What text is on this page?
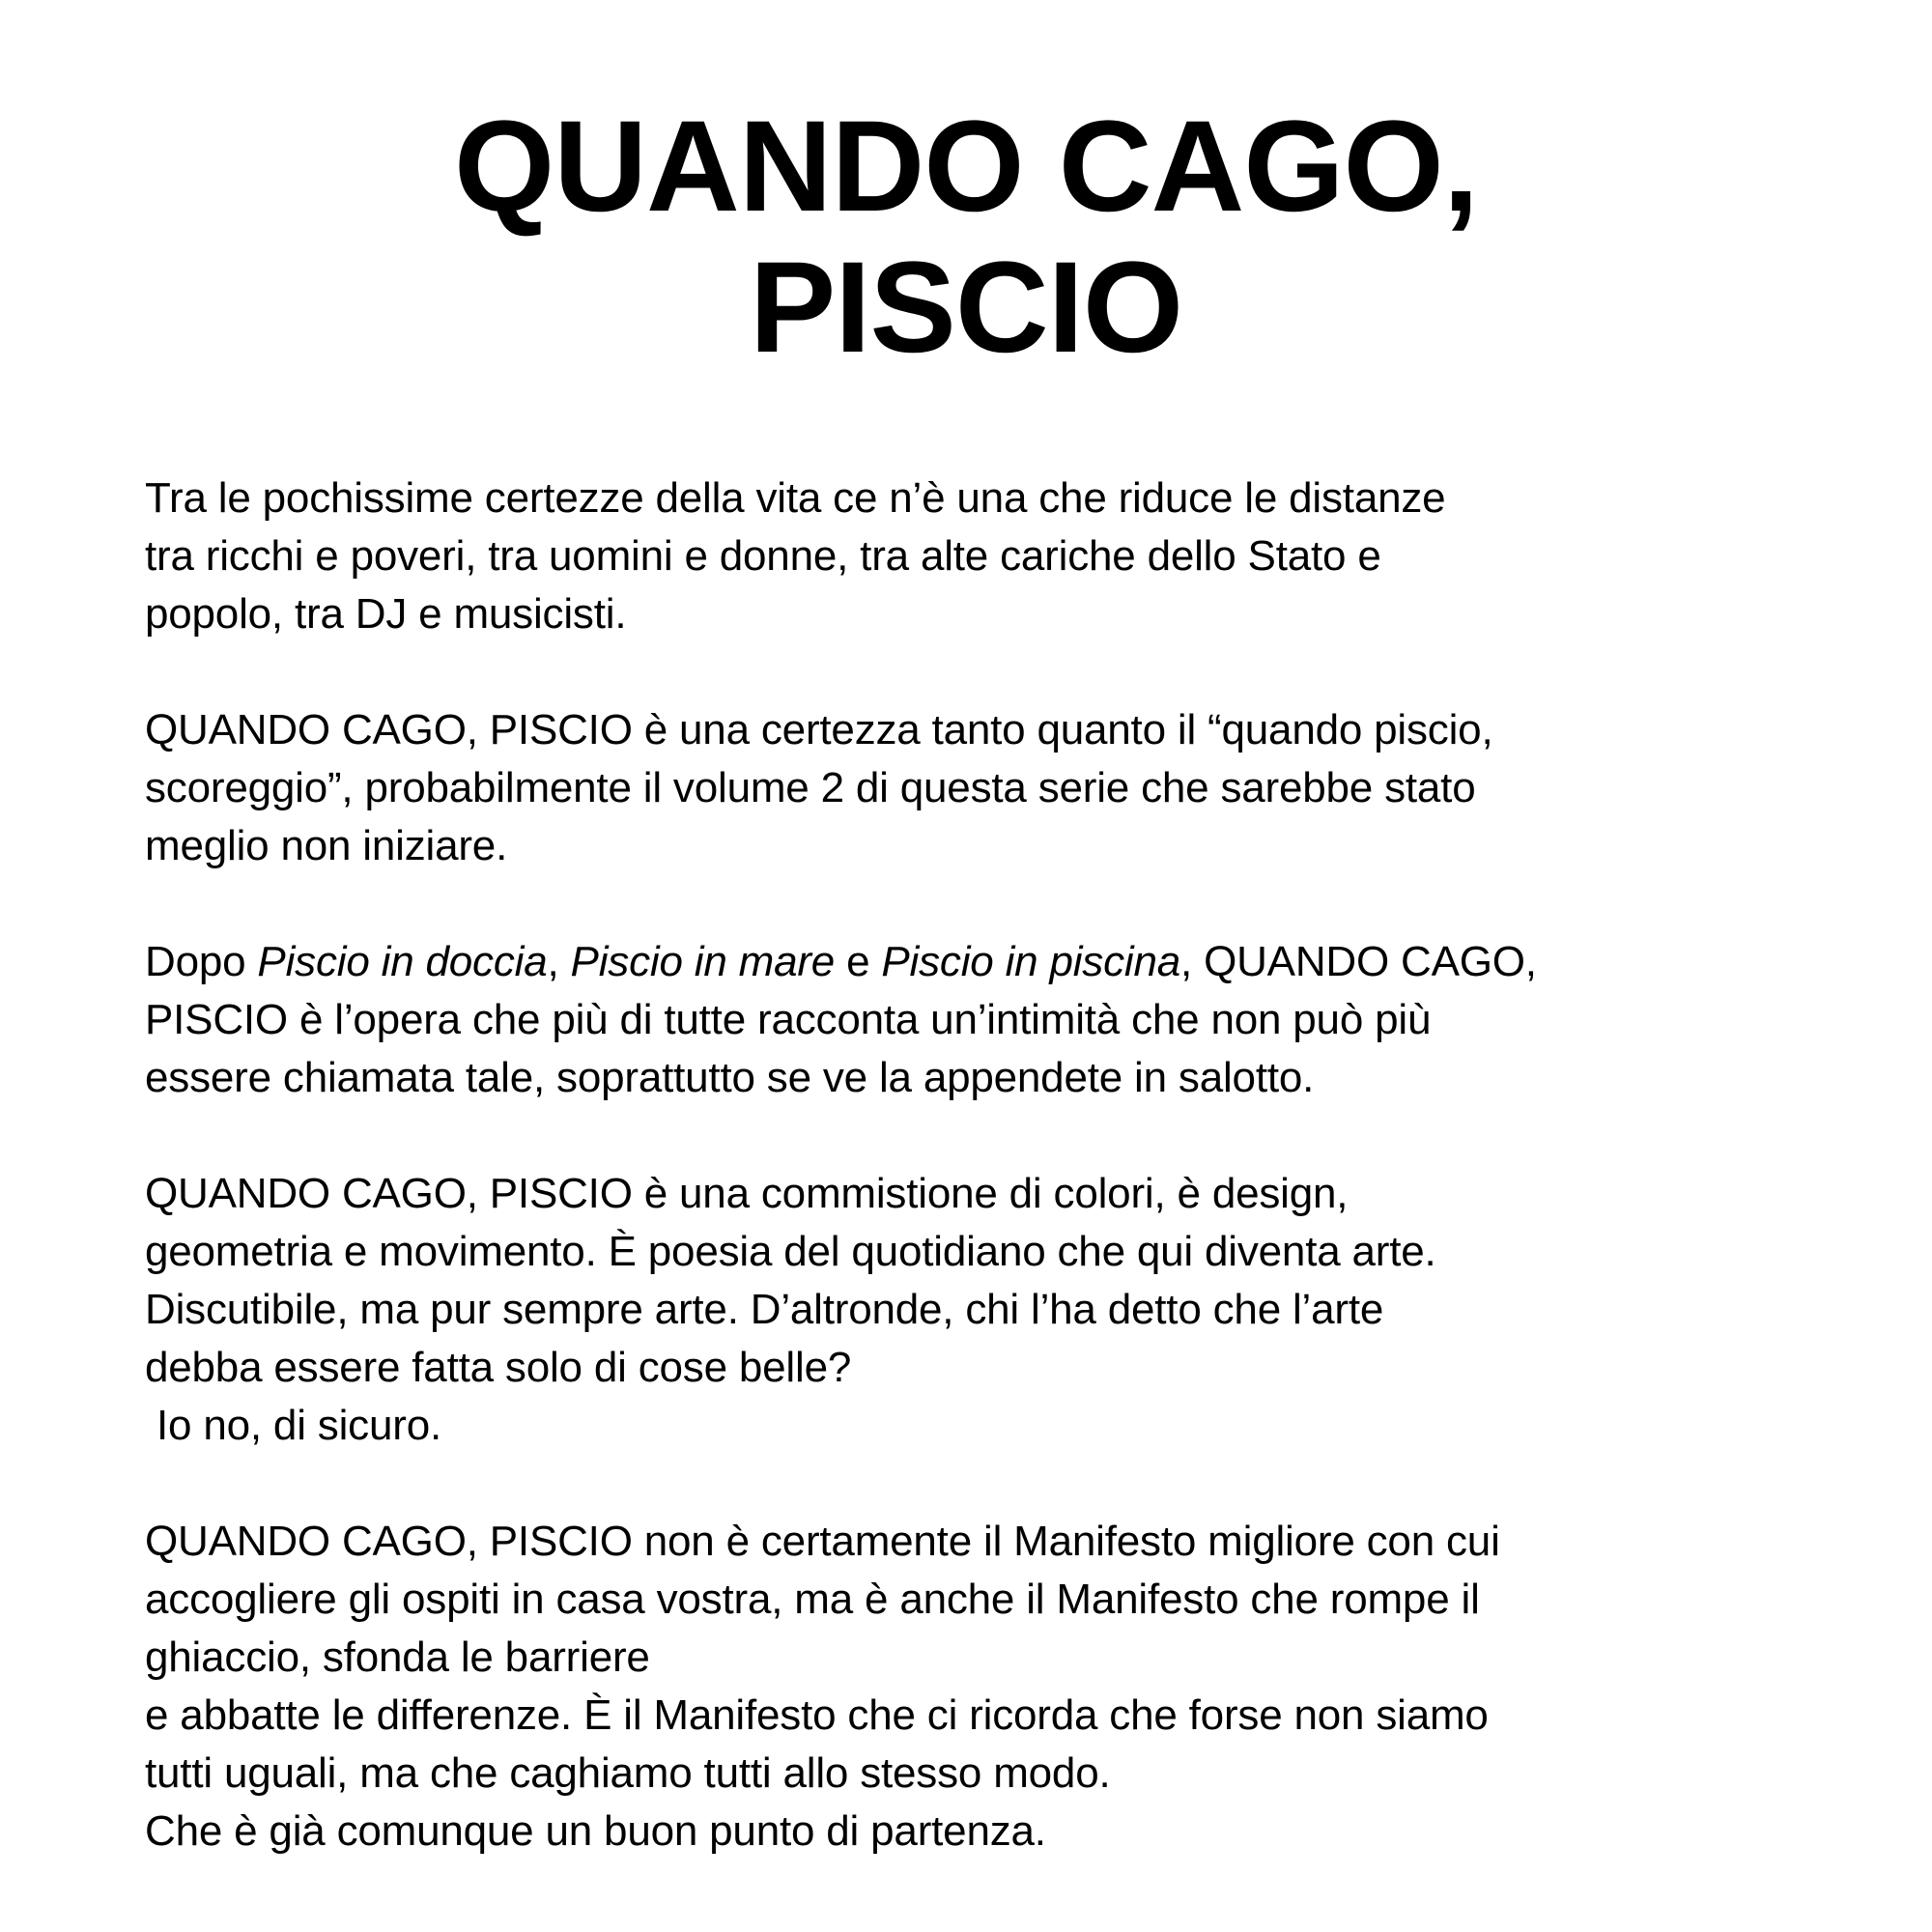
QUANDO CAGO,
PISCIO

Tra le pochissime certezze della vita ce n’è una che riduce le distanze
tra ricchi e poveri, tra uomini e donne, tra alte cariche dello Stato e
popolo, tra DJ e musicisti.

QUANDO CAGO, PISCIO è una certezza tanto quanto il “quando piscio,
scoreggio”, probabilmente il volume 2 di questa serie che sarebbe stato
meglio non iniziare.

Dopo Piscio in doccia, Piscio in mare e Piscio in piscina, QUANDO CAGO,
PISCIO è l’opera che più di tutte racconta un’intimità che non può più
essere chiamata tale, soprattutto se ve la appendete in salotto.

QUANDO CAGO, PISCIO è una commistione di colori, è design,
geometria e movimento. È poesia del quotidiano che qui diventa arte.
Discutibile, ma pur sempre arte. D’altronde, chi l’ha detto che l’arte
debba essere fatta solo di cose belle?
Io no, di sicuro.

QUANDO CAGO, PISCIO non è certamente il Manifesto migliore con cui
accogliere gli ospiti in casa vostra, ma è anche il Manifesto che rompe il
ghiaccio, sfonda le barriere
e abbatte le differenze. È il Manifesto che ci ricorda che forse non siamo
tutti uguali, ma che caghiamo tutti allo stesso modo.
Che è già comunque un buon punto di partenza.
